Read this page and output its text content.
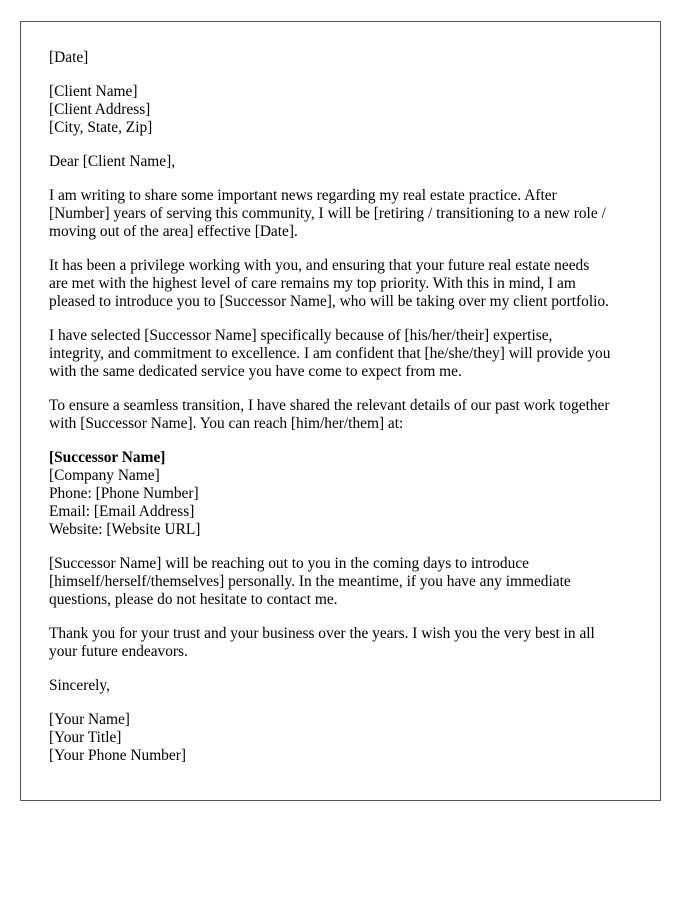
[Date]
[Client Name]
[Client Address]
[City, State, Zip]
Dear [Client Name],
I am writing to share some important news regarding my real estate practice. After
[Number] years of serving this community, I will be [retiring / transitioning to a new role /
moving out of the area] effective [Date].
It has been a privilege working with you, and ensuring that your future real estate needs
are met with the highest level of care remains my top priority. With this in mind, I am
pleased to introduce you to [Successor Name], who will be taking over my client portfolio.
I have selected [Successor Name] specifically because of [his/her/their] expertise,
integrity, and commitment to excellence. I am confident that [he/she/they] will provide you
with the same dedicated service you have come to expect from me.
To ensure a seamless transition, I have shared the relevant details of our past work together
with [Successor Name]. You can reach [him/her/them] at:
[Successor Name]
[Company Name]
Phone: [Phone Number]
Email: [Email Address]
Website: [Website URL]
[Successor Name] will be reaching out to you in the coming days to introduce
[himself/herself/themselves] personally. In the meantime, if you have any immediate
questions, please do not hesitate to contact me.
Thank you for your trust and your business over the years. I wish you the very best in all
your future endeavors.
Sincerely,
[Your Name]
[Your Title]
[Your Phone Number]
